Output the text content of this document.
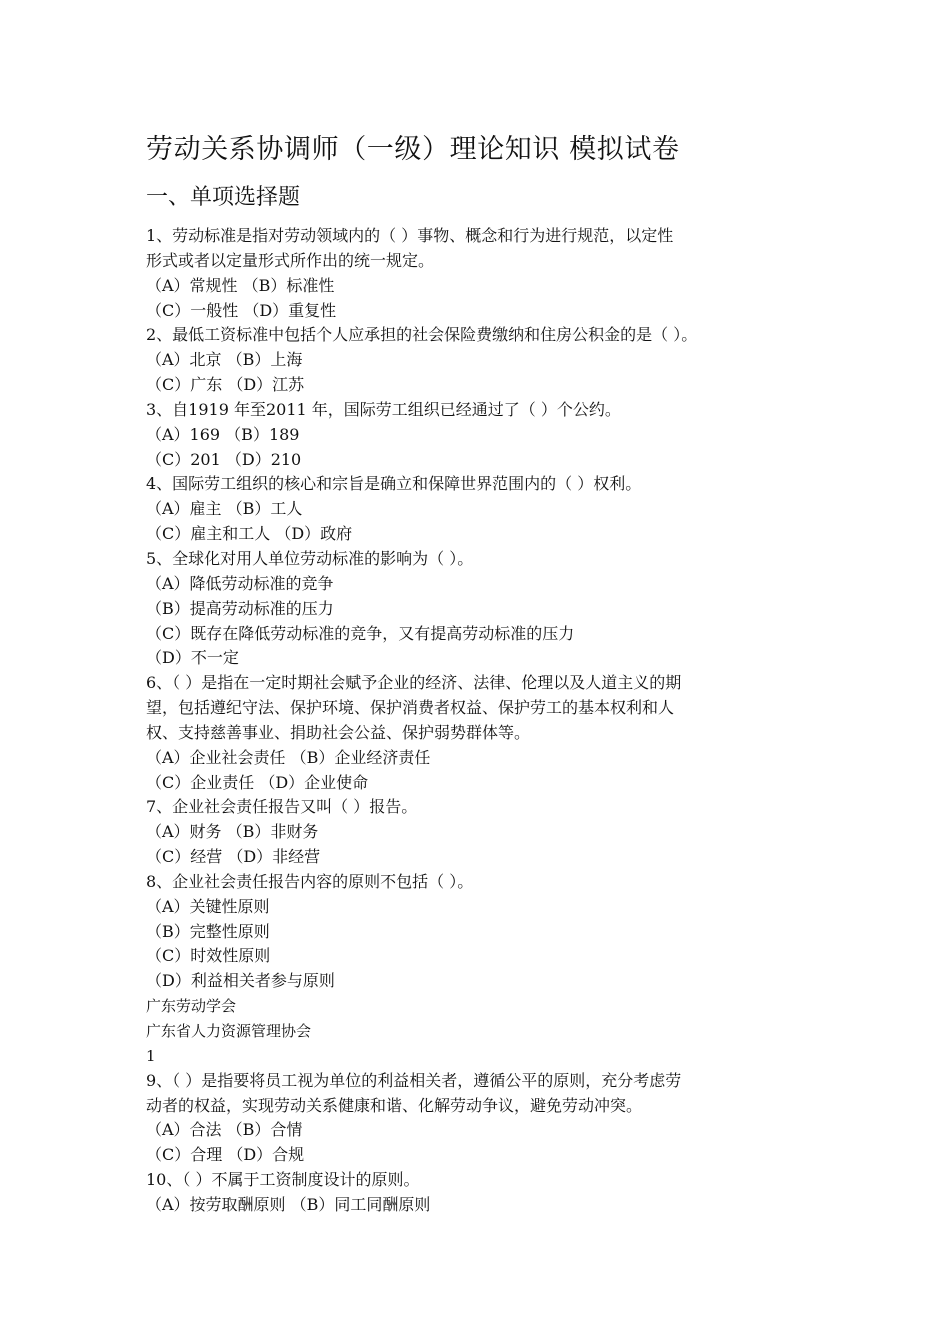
劳动关系协调师（一级）理论知识 模拟试卷
一、单项选择题
1、劳动标准是指对劳动领域内的（ ）事物、概念和行为进行规范，以定性
形式或者以定量形式所作出的统一规定。
（A）常规性 （B）标准性
（C）一般性 （D）重复性
2、最低工资标准中包括个人应承担的社会保险费缴纳和住房公积金的是（ ）。
（A）北京 （B）上海
（C）广东 （D）江苏
3、自1919 年至2011 年，国际劳工组织已经通过了（ ）个公约。
（A）169 （B）189
（C）201 （D）210
4、国际劳工组织的核心和宗旨是确立和保障世界范围内的（ ）权利。
（A）雇主 （B）工人
（C）雇主和工人 （D）政府
5、全球化对用人单位劳动标准的影响为（ ）。
（A）降低劳动标准的竞争
（B）提高劳动标准的压力
（C）既存在降低劳动标准的竞争，又有提高劳动标准的压力
（D）不一定
6、（ ）是指在一定时期社会赋予企业的经济、法律、伦理以及人道主义的期
望，包括遵纪守法、保护环境、保护消费者权益、保护劳工的基本权利和人
权、支持慈善事业、捐助社会公益、保护弱势群体等。
（A）企业社会责任 （B）企业经济责任
（C）企业责任 （D）企业使命
7、企业社会责任报告又叫（ ）报告。
（A）财务 （B）非财务
（C）经营 （D）非经营
8、企业社会责任报告内容的原则不包括（ ）。
（A）关键性原则
（B）完整性原则
（C）时效性原则
（D）利益相关者参与原则
广东劳动学会
广东省人力资源管理协会
1
9、（ ）是指要将员工视为单位的利益相关者，遵循公平的原则，充分考虑劳
动者的权益，实现劳动关系健康和谐、化解劳动争议，避免劳动冲突。
（A）合法 （B）合情
（C）合理 （D）合规
10、（ ）不属于工资制度设计的原则。
（A）按劳取酬原则 （B）同工同酬原则
